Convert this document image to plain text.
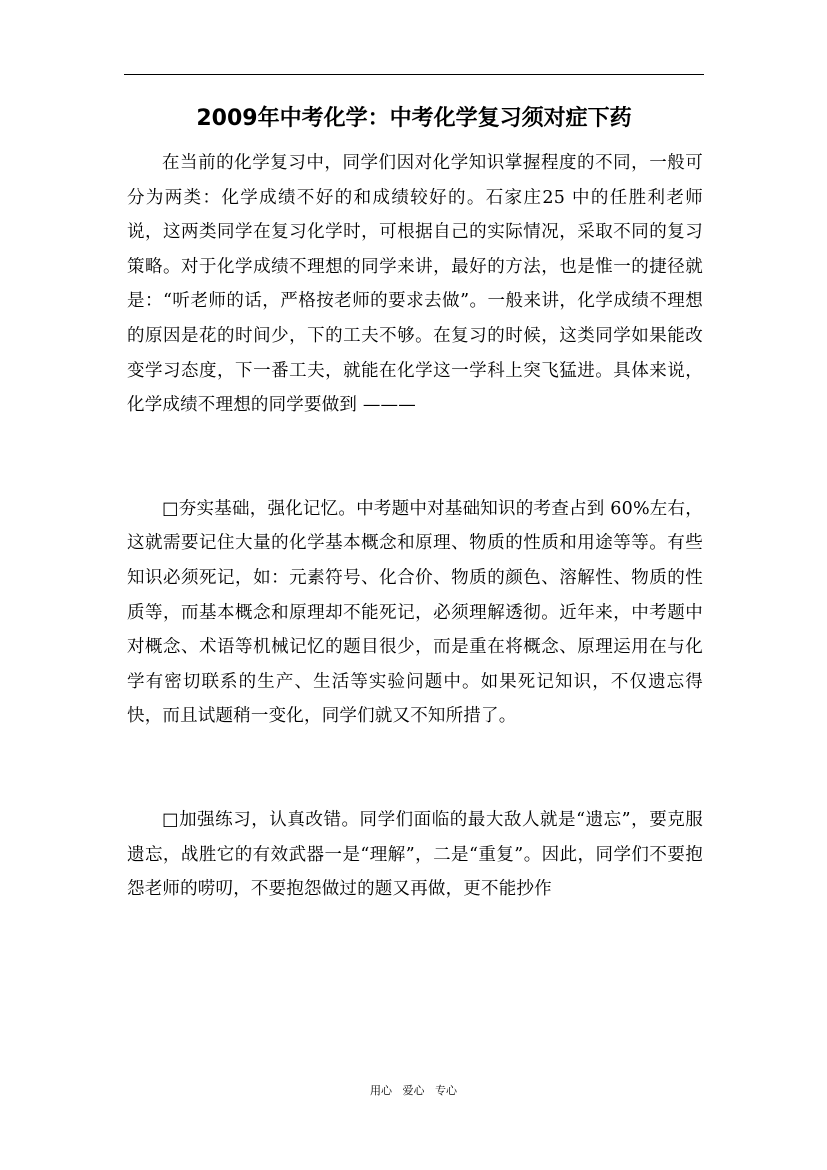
2009年中考化学：中考化学复习须对症下药

在当前的化学复习中，同学们因对化学知识掌握程度的不同，一般可分为两类：化学成绩不好的和成绩较好的。石家庄25 中的任胜利老师说，这两类同学在复习化学时，可根据自己的实际情况，采取不同的复习策略。对于化学成绩不理想的同学来讲，最好的方法，也是惟一的捷径就是：“听老师的话，严格按老师的要求去做”。一般来讲，化学成绩不理想的原因是花的时间少，下的工夫不够。在复习的时候，这类同学如果能改变学习态度，下一番工夫，就能在化学这一学科上突飞猛进。具体来说，化学成绩不理想的同学要做到 ———

□夯实基础，强化记忆。中考题中对基础知识的考查占到 60%左右，这就需要记住大量的化学基本概念和原理、物质的性质和用途等等。有些知识必须死记，如：元素符号、化合价、物质的颜色、溶解性、物质的性质等，而基本概念和原理却不能死记，必须理解透彻。近年来，中考题中对概念、术语等机械记忆的题目很少，而是重在将概念、原理运用在与化学有密切联系的生产、生活等实验问题中。如果死记知识，不仅遗忘得快，而且试题稍一变化，同学们就又不知所措了。

□加强练习，认真改错。同学们面临的最大敌人就是“遗忘”，要克服遗忘，战胜它的有效武器一是“理解”，二是“重复”。因此，同学们不要抱怨老师的唠叨，不要抱怨做过的题又再做，更不能抄作

用心   爱心   专心
